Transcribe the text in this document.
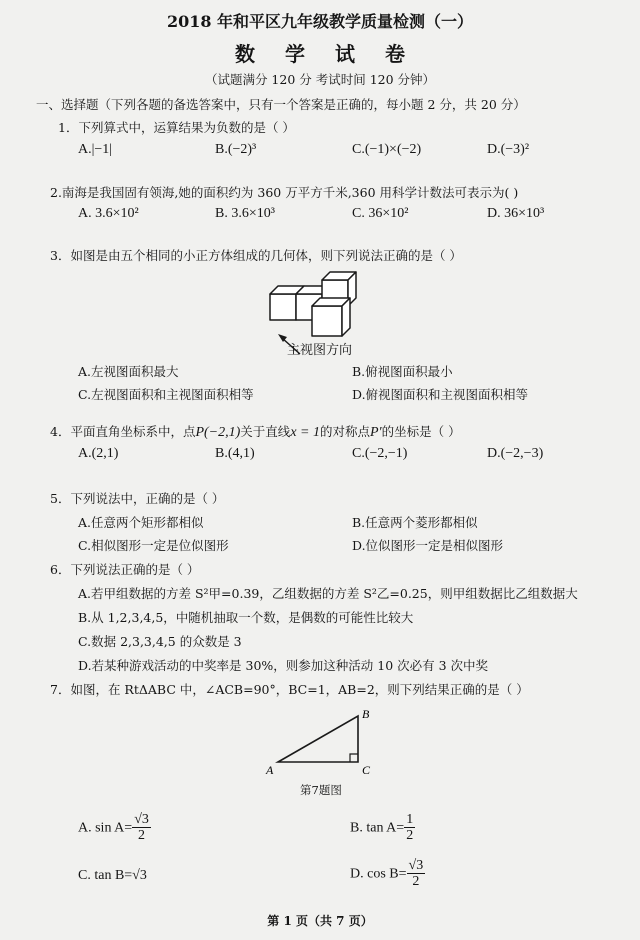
2018 年和平区九年级教学质量检测（一）
数学试卷
（试题满分 120 分 考试时间 120 分钟）
一、选择题（下列各题的备选答案中，只有一个答案是正确的，每小题 2 分，共 20 分）
1．下列算式中，运算结果为负数的是（ ）
A.|−1|	B.(−2)³	C.(−1)×(−2)	D.(−3)²
2.南海是我国固有领海,她的面积约为 360 万平方千米,360 用科学计数法可表示为( )
A. 3.6×10²	B. 3.6×10³	C. 36×10²	D. 36×10³
3．如图是由五个相同的小正方体组成的几何体，则下列说法正确的是（ ）
主视图方向
A.左视图面积最大	B.俯视图面积最小
C.左视图面积和主视图面积相等	D.俯视图面积和主视图面积相等
4．平面直角坐标系中，点P(−2,1)关于直线x = 1的对称点P′的坐标是（ ）
A.(2,1)	B.(4,1)	C.(−2,−1)	D.(−2,−3)
5．下列说法中，正确的是（ ）
A.任意两个矩形都相似	B.任意两个菱形都相似
C.相似图形一定是位似图形	D.位似图形一定是相似图形
6．下列说法正确的是（ ）
A.若甲组数据的方差 S²甲=0.39，乙组数据的方差 S²乙=0.25，则甲组数据比乙组数据大
B.从 1,2,3,4,5，中随机抽取一个数，是偶数的可能性比较大
C.数据 2,3,3,4,5 的众数是 3
D.若某种游戏活动的中奖率是 30%，则参加这种活动 10 次必有 3 次中奖
7．如图，在 RtΔABC 中，∠ACB=90°，BC=1，AB=2，则下列结果正确的是（ ）
A
B
C
第7题图
A. $\sin A= \frac{√3}{2}$	B. $\tan A= \frac{1}{2}$
C. tan B=√3	D. $\cos B= \frac{√3}{2}$
第 1 页（共 7 页）
